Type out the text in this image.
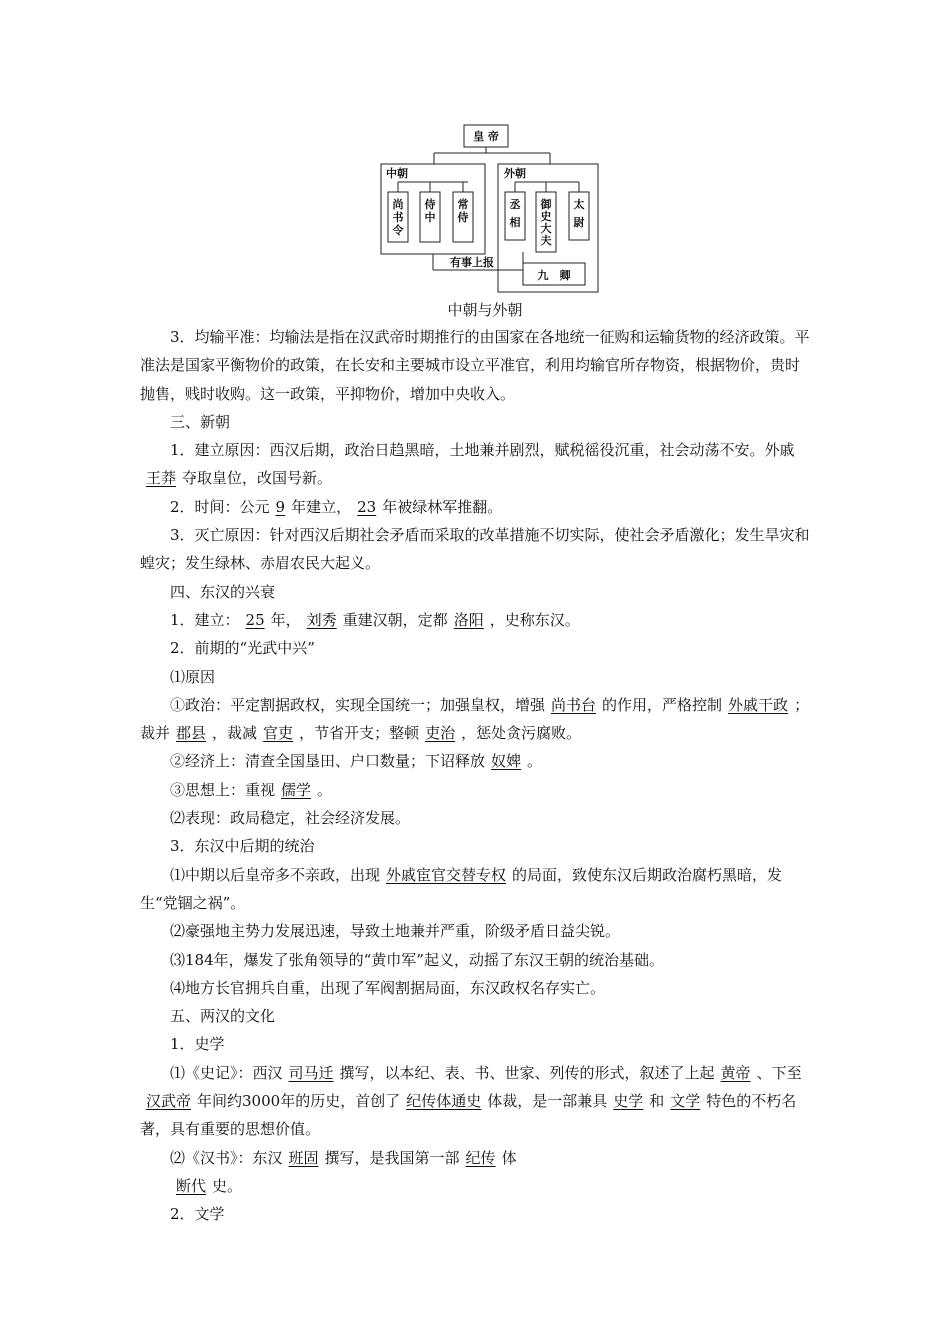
皇 帝
中朝	外朝
尚书令
侍中
常侍
丞相
御史大夫
太尉
有事上报
九　卿

中朝与外朝

3．均输平准：均输法是指在汉武帝时期推行的由国家在各地统一征购和运输货物的经济政策。平准法是国家平衡物价的政策，在长安和主要城市设立平准官，利用均输官所存物资，根据物价，贵时抛售，贱时收购。这一政策，平抑物价，增加中央收入。

三、新朝

1．建立原因：西汉后期，政治日趋黑暗，土地兼并剧烈，赋税徭役沉重，社会动荡不安。外戚王莽 夺取皇位，改国号新。

2．时间：公元 9 年建立， 23 年被绿林军推翻。

3．灭亡原因：针对西汉后期社会矛盾而采取的改革措施不切实际，使社会矛盾激化；发生旱灾和蝗灾；发生绿林、赤眉农民大起义。

四、东汉的兴衰

1．建立： 25 年， 刘秀 重建汉朝，定都 洛阳 ，史称东汉。

2．前期的“光武中兴”

⑴原因

①政治：平定割据政权，实现全国统一；加强皇权，增强 尚书台 的作用，严格控制 外戚干政 ；裁并 郡县 ，裁减 官吏 ，节省开支；整顿 吏治 ，惩处贪污腐败。

②经济上：清查全国垦田、户口数量；下诏释放 奴婢 。

③思想上：重视 儒学 。

⑵表现：政局稳定，社会经济发展。

3．东汉中后期的统治

⑴中期以后皇帝多不亲政，出现 外戚宦官交替专权 的局面，致使东汉后期政治腐朽黑暗，发生“党锢之祸”。

⑵豪强地主势力发展迅速，导致土地兼并严重，阶级矛盾日益尖锐。

⑶184年，爆发了张角领导的“黄巾军”起义，动摇了东汉王朝的统治基础。

⑷地方长官拥兵自重，出现了军阀割据局面，东汉政权名存实亡。

五、两汉的文化

1．史学

⑴《史记》：西汉 司马迁 撰写，以本纪、表、书、世家、列传的形式，叙述了上起 黄帝 、下至汉武帝 年间约3000年的历史，首创了 纪传体通史 体裁，是一部兼具 史学 和 文学 特色的不朽名著，具有重要的思想价值。

⑵《汉书》：东汉 班固 撰写，是我国第一部 纪传 体

断代 史。

2．文学
